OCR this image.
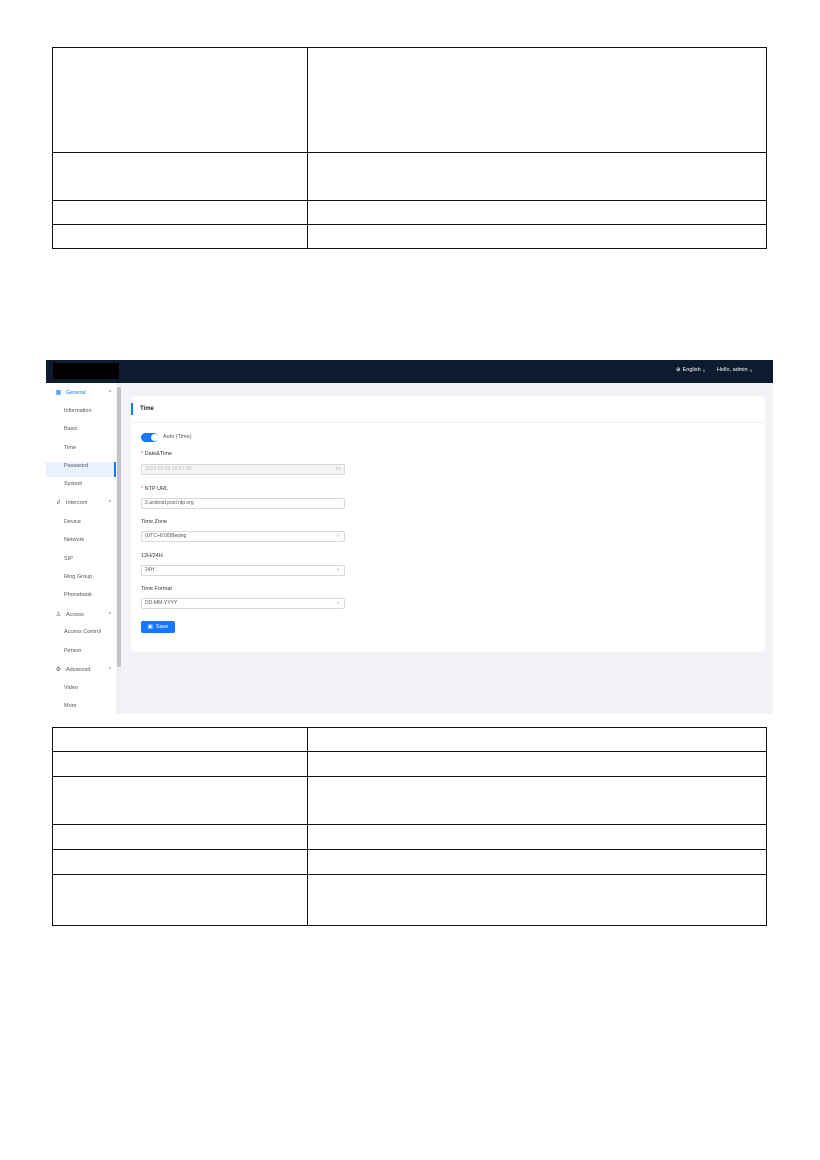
⊕ English ∨ Hello, admin ∨
▦ General	^
Information
Basic
Time
Password
System
∂	Intercom	^
Device
Network
SIP
Ring Group
Phonebook
♙ Access	^
Access Control
Person
⚙ Advanced	^
Video
More
Time
Auto (Time)
* Date&Time
2023-02-23 10:47:33	▭
* NTP URL
2.android.pool.ntp.org
Time Zone
(UTC+8:00)Beijing	∨
12H/24H
24H	∨
Time Format
DD-MM-YYYY	∨
▣ Save
